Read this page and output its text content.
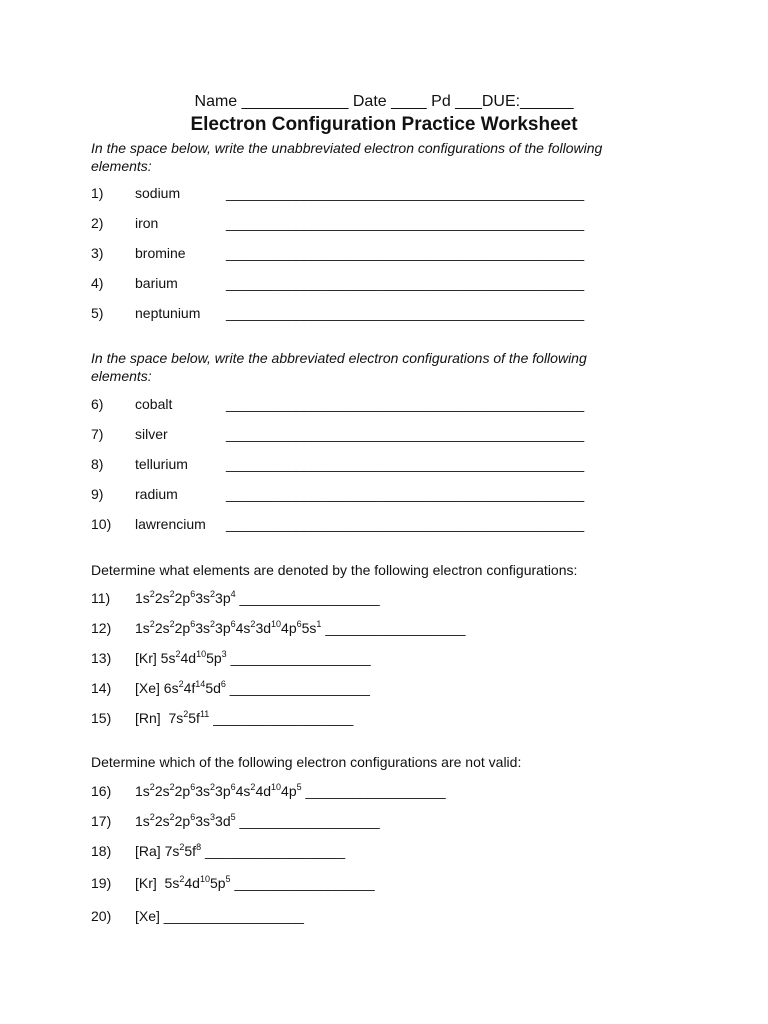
Name ____________ Date ____ Pd ___DUE:______
Electron Configuration Practice Worksheet
In the space below, write the unabbreviated electron configurations of the following elements:
1)	sodium	______________________________________________
2)	iron	______________________________________________
3)	bromine	______________________________________________
4)	barium	______________________________________________
5)	neptunium	______________________________________________
In the space below, write the abbreviated electron configurations of the following elements:
6)	cobalt	______________________________________________
7)	silver	______________________________________________
8)	tellurium	______________________________________________
9)	radium	______________________________________________
10)	lawrencium	______________________________________________
Determine what elements are denoted by the following electron configurations:
11)	$1s^22s^22p^63s^23p^4$ __________________
12)	$1s^22s^22p^63s^23p^64s^23d^{10}4p^65s^1$ __________________
13)	[Kr] $5s^24d^{10}5p^3$ __________________
14)	[Xe] $6s^24f^{14}5d^6$ __________________
15)	[Rn]  $7s^25f^{11}$ __________________
Determine which of the following electron configurations are not valid:
16)	$1s^22s^22p^63s^23p^64s^24d^{10}4p^5$ __________________
17)	$1s^22s^22p^63s^33d^5$ __________________
18)	[Ra] $7s^25f^8$ __________________
19)	[Kr]  $5s^24d^{10}5p^5$ __________________
20)	[Xe] __________________
